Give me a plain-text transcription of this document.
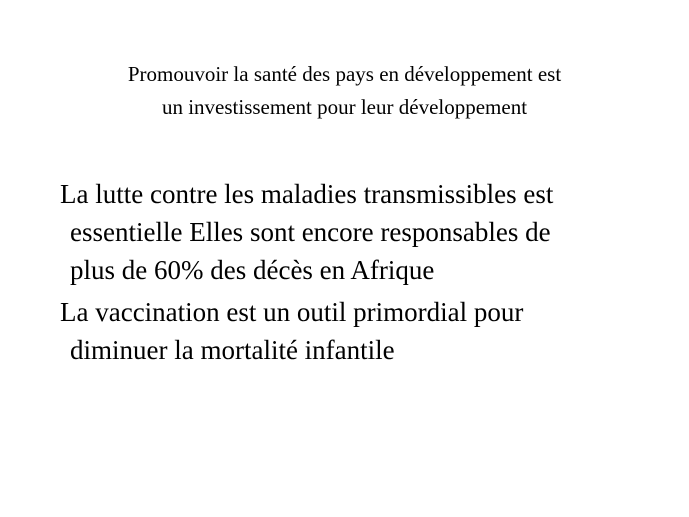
Promouvoir la santé des pays en développement est
un investissement pour leur développement
La lutte contre les maladies transmissibles est
essentielle Elles sont encore responsables de
plus de 60% des décès en Afrique
La vaccination est un outil primordial pour
diminuer la mortalité infantile
